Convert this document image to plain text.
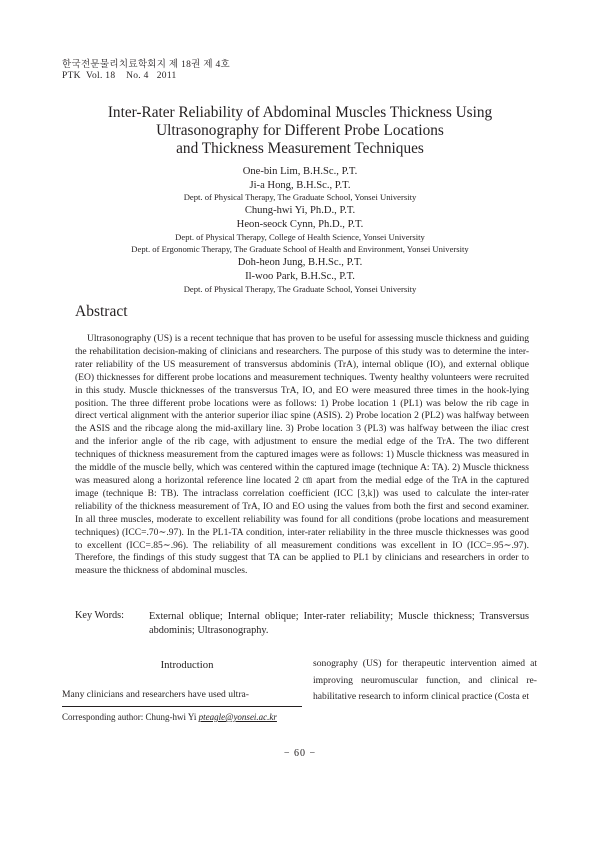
한국전문물리치료학회지 제 18권 제 4호
PTK  Vol. 18    No. 4   2011
Inter-Rater Reliability of Abdominal Muscles Thickness Using
Ultrasonography for Different Probe Locations
and Thickness Measurement Techniques
One-bin Lim, B.H.Sc., P.T.
Ji-a Hong, B.H.Sc., P.T.
Dept. of Physical Therapy, The Graduate School, Yonsei University
Chung-hwi Yi, Ph.D., P.T.
Heon-seock Cynn, Ph.D., P.T.
Dept. of Physical Therapy, College of Health Science, Yonsei University
Dept. of Ergonomic Therapy, The Graduate School of Health and Environment, Yonsei University
Doh-heon Jung, B.H.Sc., P.T.
Il-woo Park, B.H.Sc., P.T.
Dept. of Physical Therapy, The Graduate School, Yonsei University
Abstract

Ultrasonography (US) is a recent technique that has proven to be useful for assessing muscle thickness and guiding the rehabilitation decision-making of clinicians and researchers. The purpose of this study was to determine the inter-rater reliability of the US measurement of transversus abdominis (TrA), internal oblique (IO), and external oblique (EO) thicknesses for different probe locations and measurement techniques. Twenty healthy volunteers were recruited in this study. Muscle thicknesses of the transversus TrA, IO, and EO were measured three times in the hook-lying position. The three different probe locations were as follows: 1) Probe location 1 (PL1) was below the rib cage in direct vertical alignment with the anterior superior iliac spine (ASIS). 2) Probe location 2 (PL2) was halfway between the ASIS and the ribcage along the mid-axillary line. 3) Probe location 3 (PL3) was halfway between the iliac crest and the inferior angle of the rib cage, with adjustment to ensure the medial edge of the TrA. The two different techniques of thickness measurement from the captured images were as follows: 1) Muscle thickness was measured in the middle of the muscle belly, which was centered within the captured image (technique A: TA). 2) Muscle thickness was measured along a horizontal reference line located 2 ㎝ apart from the medial edge of the TrA in the captured image (technique B: TB). The intraclass correlation coefficient (ICC [3,k]) was used to calculate the inter-rater reliability of the thickness measurement of TrA, IO and EO using the values from both the first and second examiner. In all three muscles, moderate to excellent reliability was found for all conditions (probe locations and measurement techniques) (ICC=.70∼.97). In the PL1-TA condition, inter-rater reliability in the three muscle thicknesses was good to excellent (ICC=.85∼.96). The reliability of all measurement conditions was excellent in IO (ICC=.95∼.97). Therefore, the findings of this study suggest that TA can be applied to PL1 by clinicians and researchers in order to measure the thickness of abdominal muscles.

Key Words:	External oblique; Internal oblique; Inter-rater reliability; Muscle thickness; Transversus abdominis; Ultrasonography.
Introduction
Many clinicians and researchers have used ultra-
sonography (US) for therapeutic intervention aimed at improving neuromuscular function, and clinical re-habilitative research to inform clinical practice (Costa et
Corresponding author: Chung-hwi Yi pteagle@yonsei.ac.kr
− 60 −
